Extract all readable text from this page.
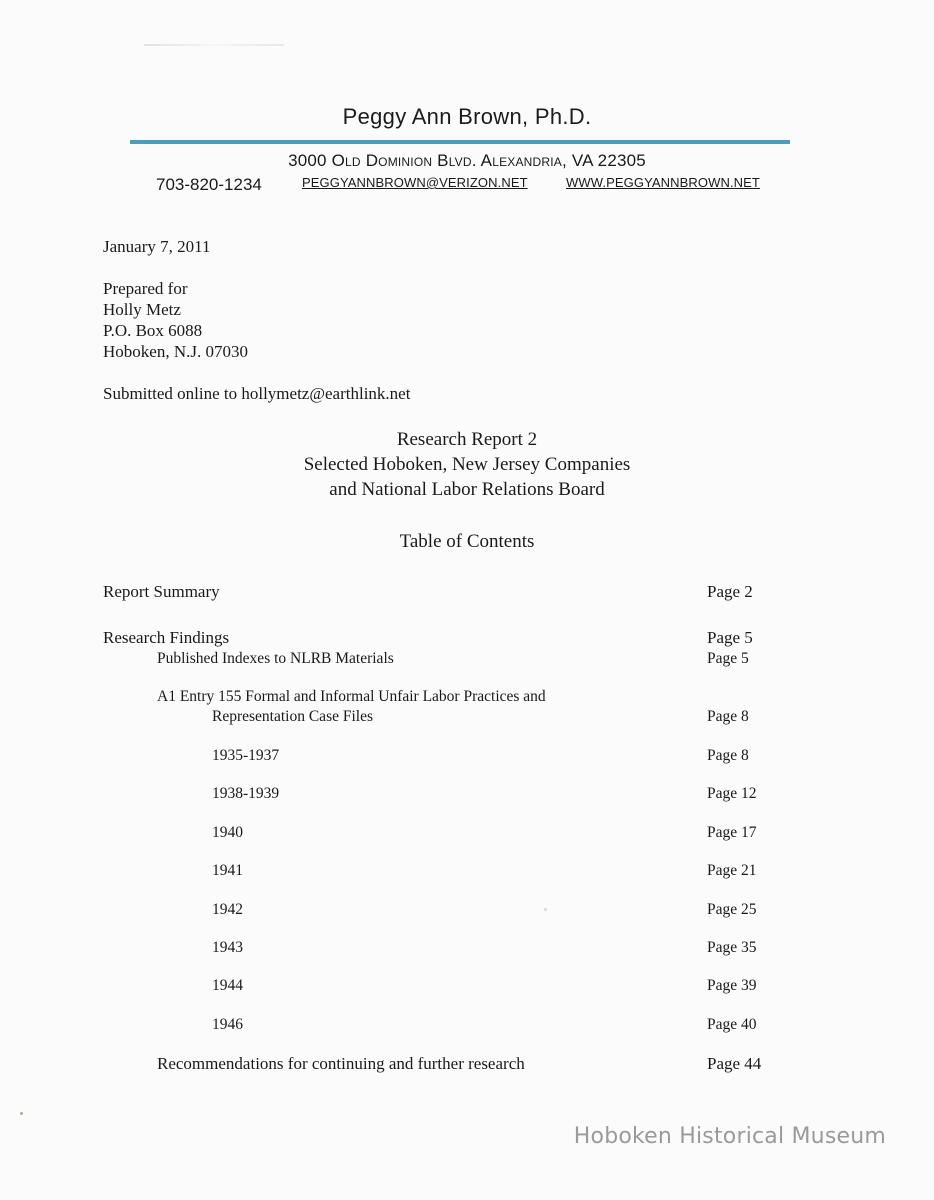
Peggy Ann Brown, Ph.D.
3000 Old Dominion Blvd. Alexandria, VA 22305
703-820-1234	PEGGYANNBROWN@VERIZON.NET	WWW.PEGGYANNBROWN.NET
January 7, 2011
Prepared for
Holly Metz
P.O. Box 6088
Hoboken, N.J. 07030
Submitted online to hollymetz@earthlink.net
Research Report 2
Selected Hoboken, New Jersey Companies
and National Labor Relations Board
Table of Contents
Report Summary	Page 2
Research Findings	Page 5
Published Indexes to NLRB Materials	Page 5
A1 Entry 155 Formal and Informal Unfair Labor Practices and
Representation Case Files	Page 8
1935-1937	Page 8
1938-1939	Page 12
1940	Page 17
1941	Page 21
1942	Page 25
1943	Page 35
1944	Page 39
1946	Page 40
Recommendations for continuing and further research	Page 44
Hoboken Historical Museum
